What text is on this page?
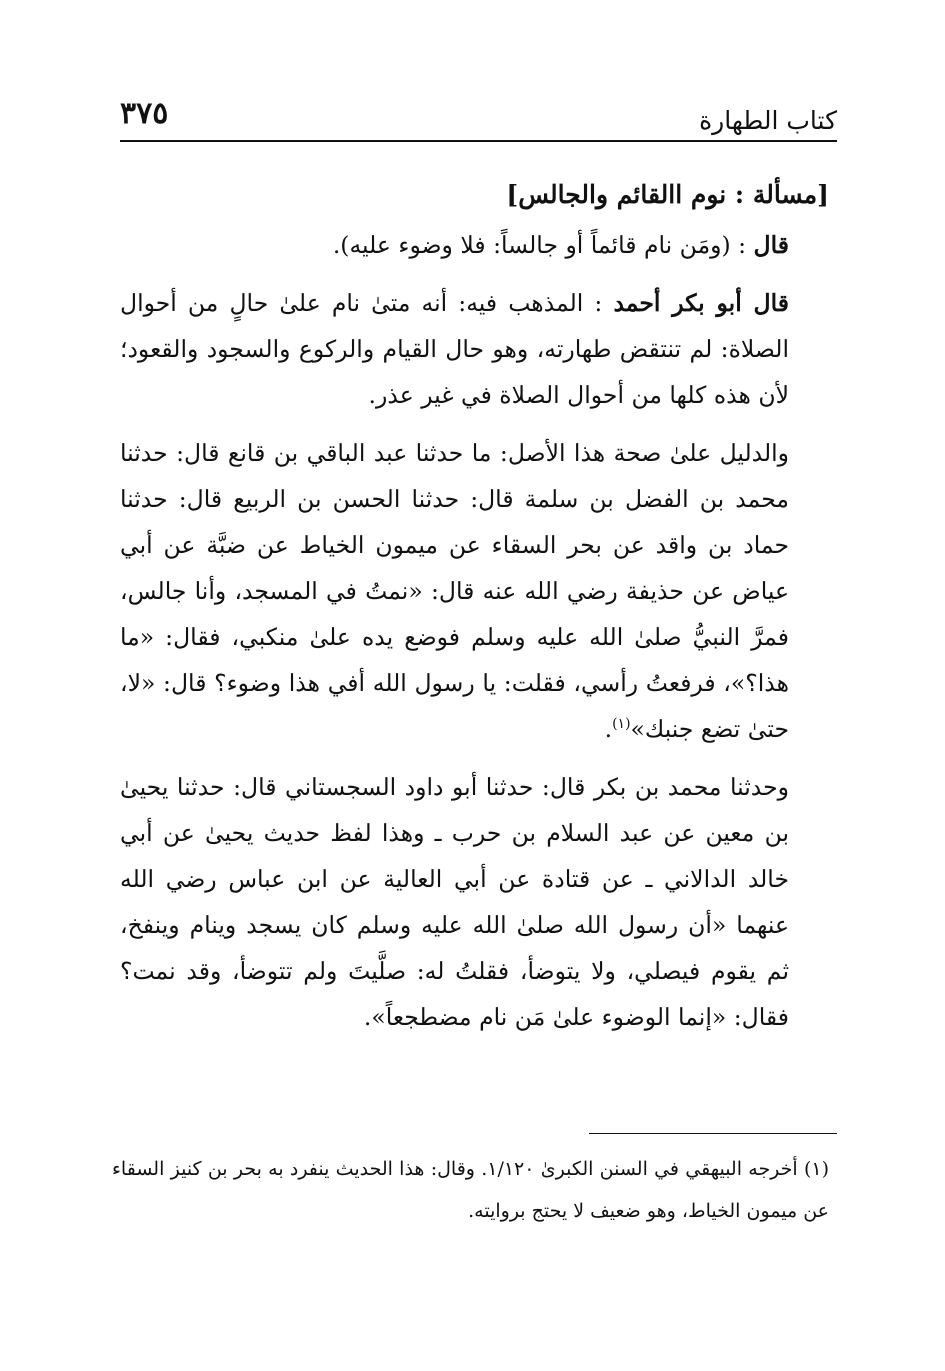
كتاب الطهارة
٣٧٥
[مسألة : نوم االقائم والجالس]

قال : (ومَن نام قائماً أو جالساً: فلا وضوء عليه).

قال أبو بكر أحمد : المذهب فيه: أنه متىٰ نام علىٰ حالٍ من أحوال الصلاة: لم تنتقض طهارته، وهو حال القيام والركوع والسجود والقعود؛ لأن هذه كلها من أحوال الصلاة في غير عذر.

والدليل علىٰ صحة هذا الأصل: ما حدثنا عبد الباقي بن قانع قال: حدثنا محمد بن الفضل بن سلمة قال: حدثنا الحسن بن الربيع قال: حدثنا حماد بن واقد عن بحر السقاء عن ميمون الخياط عن ضبَّة عن أبي عياض عن حذيفة رضي الله عنه قال: «نمتُ في المسجد، وأنا جالس، فمرَّ النبيُّ صلىٰ الله عليه وسلم فوضع يده علىٰ منكبي، فقال: «ما هذا؟»، فرفعتُ رأسي، فقلت: يا رسول الله أفي هذا وضوء؟ قال: «لا، حتىٰ تضع جنبك»$^{(١)}$.

وحدثنا محمد بن بكر قال: حدثنا أبو داود السجستاني قال: حدثنا يحيىٰ بن معين عن عبد السلام بن حرب ـ وهذا لفظ حديث يحيىٰ عن أبي خالد الدالاني ـ عن قتادة عن أبي العالية عن ابن عباس رضي الله عنهما «أن رسول الله صلىٰ الله عليه وسلم كان يسجد وينام وينفخ، ثم يقوم فيصلي، ولا يتوضأ، فقلتُ له: صلَّيتَ ولم تتوضأ، وقد نمت؟ فقال: «إنما الوضوء علىٰ مَن نام مضطجعاً».

(١) أخرجه البيهقي في السنن الكبرىٰ ١/١٢٠. وقال: هذا الحديث ينفرد به بحر بن كنيز السقاء عن ميمون الخياط، وهو ضعيف لا يحتج بروايته.
